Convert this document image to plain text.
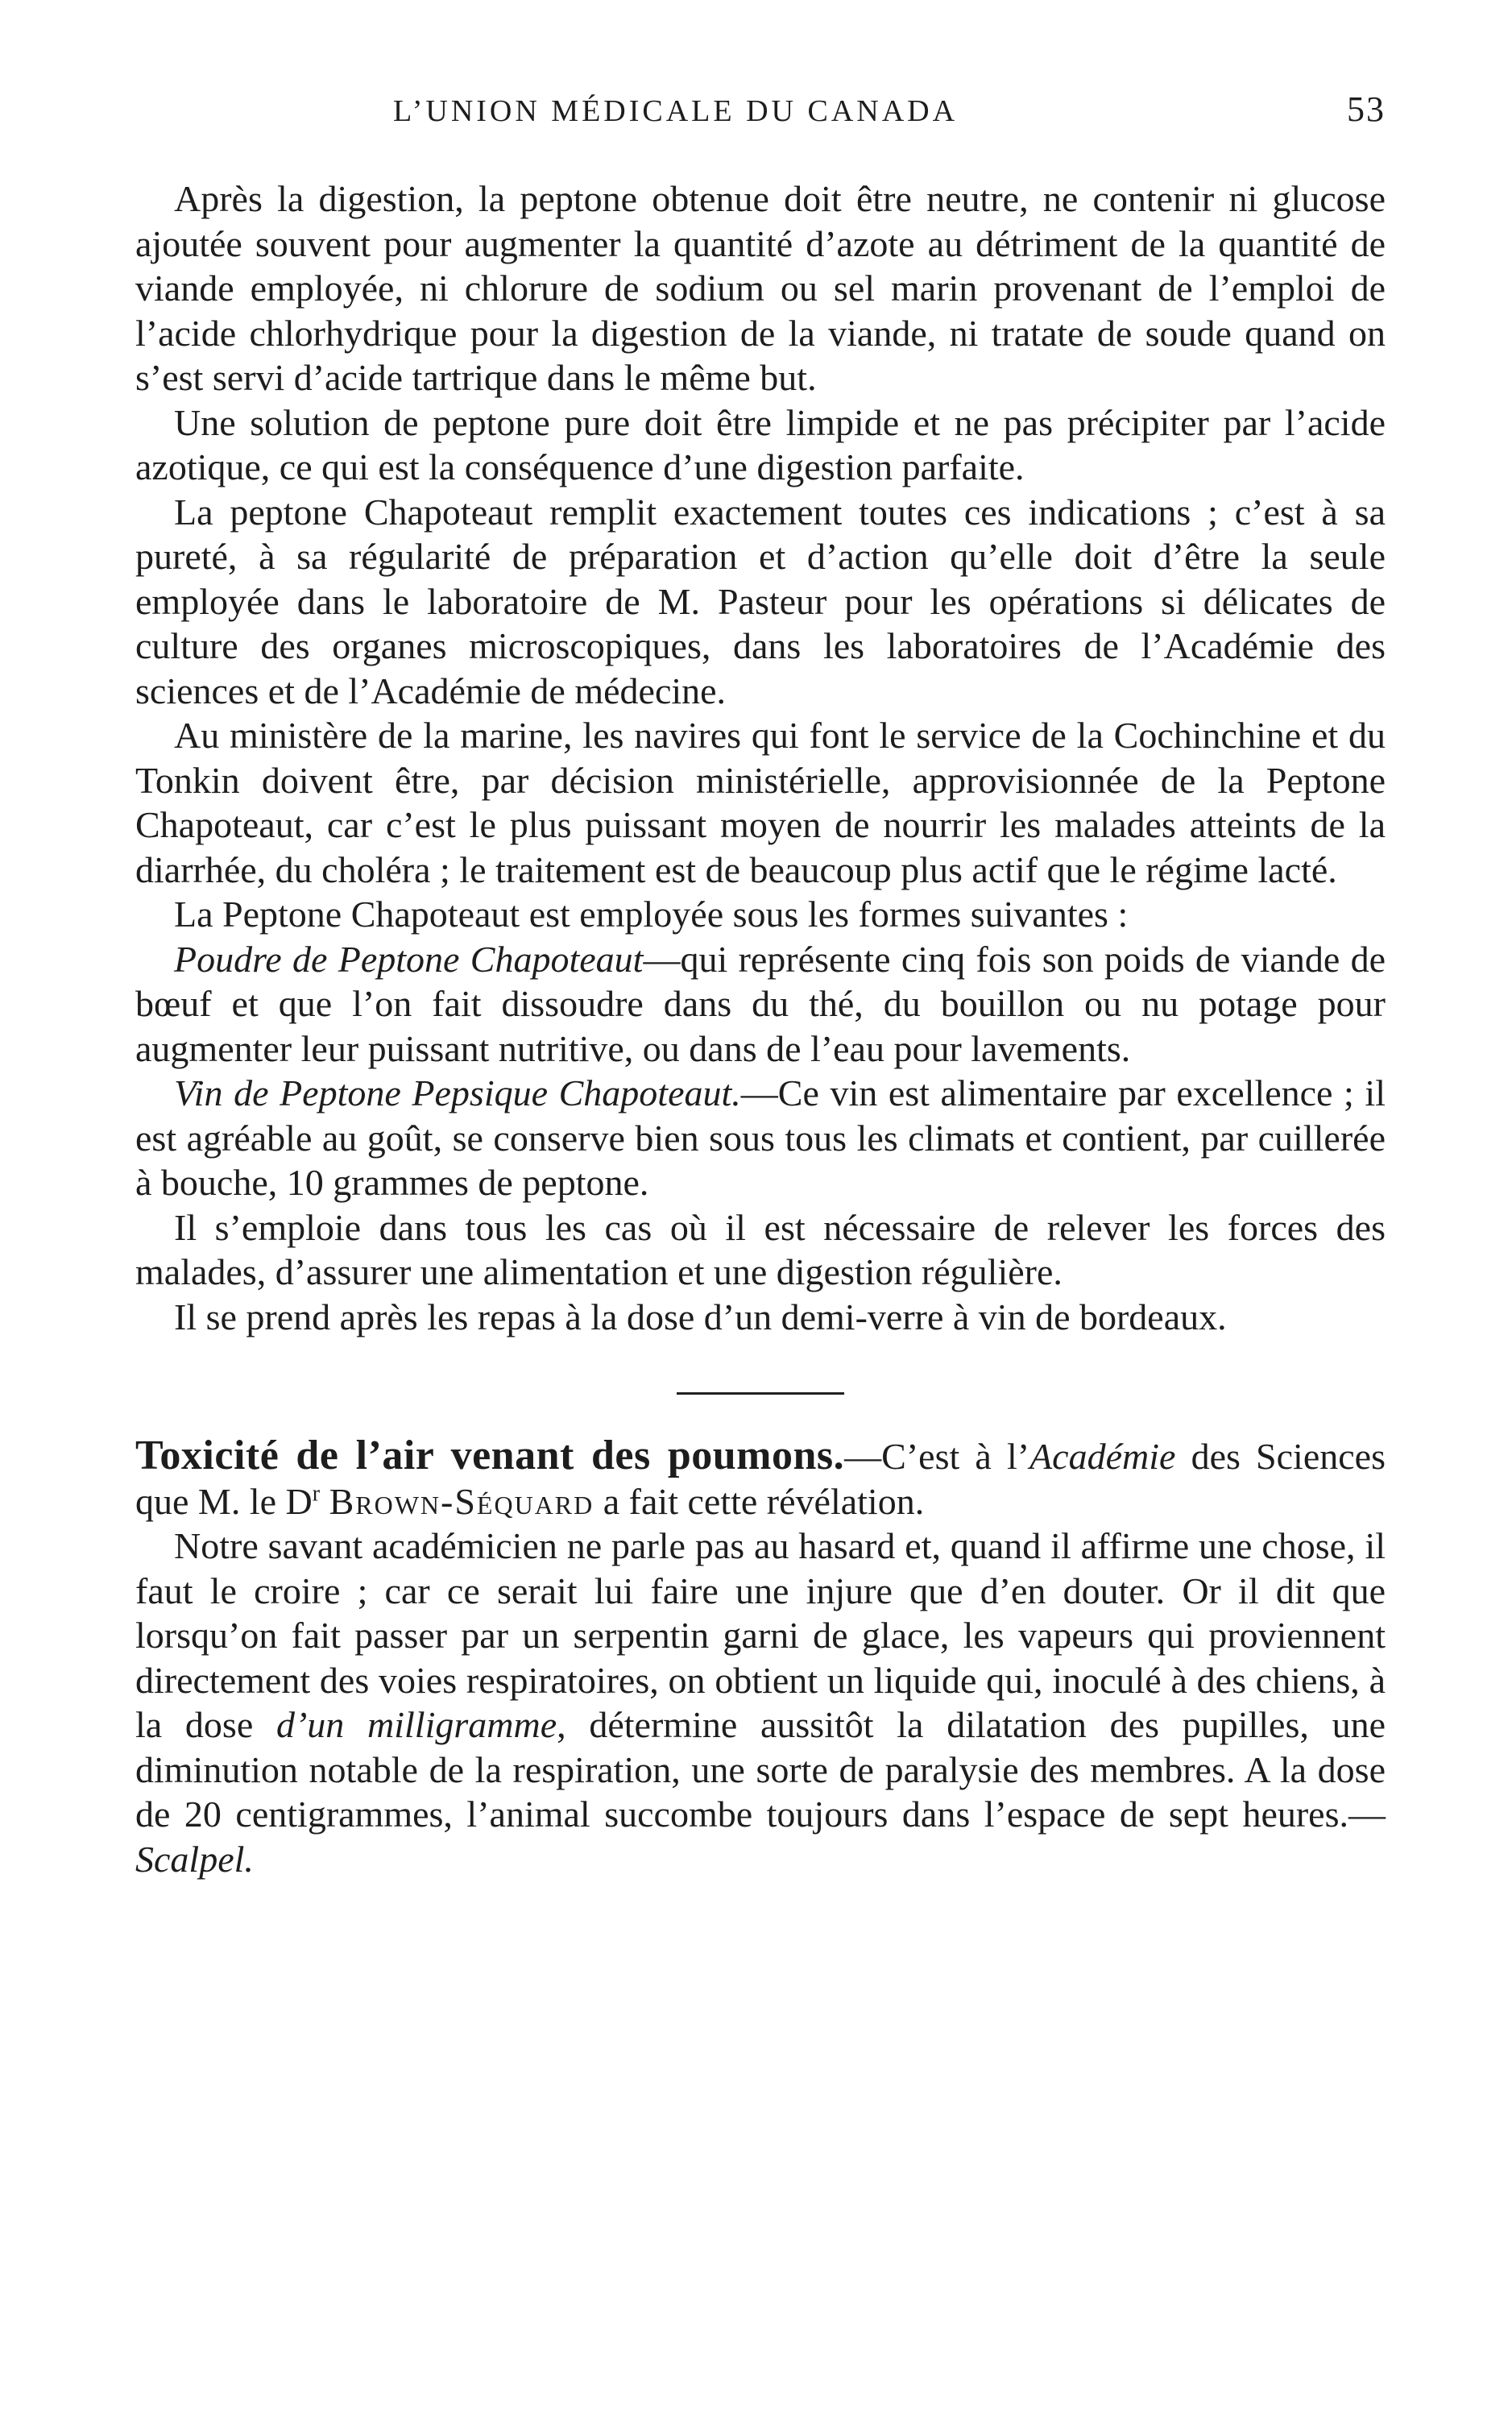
L’UNION MÉDICALE DU CANADA	53

Après la digestion, la peptone obtenue doit être neutre, ne contenir ni glucose ajoutée souvent pour augmenter la quantité d’azote au détriment de la quantité de viande employée, ni chlorure de sodium ou sel marin provenant de l’emploi de l’acide chlorhydrique pour la digestion de la viande, ni tratate de soude quand on s’est servi d’acide tartrique dans le même but.

Une solution de peptone pure doit être limpide et ne pas précipiter par l’acide azotique, ce qui est la conséquence d’une digestion parfaite.

La peptone Chapoteaut remplit exactement toutes ces indications ; c’est à sa pureté, à sa régularité de préparation et d’action qu’elle doit d’être la seule employée dans le laboratoire de M. Pasteur pour les opérations si délicates de culture des organes microscopiques, dans les laboratoires de l’Académie des sciences et de l’Académie de médecine.

Au ministère de la marine, les navires qui font le service de la Cochinchine et du Tonkin doivent être, par décision ministérielle, approvisionnée de la Peptone Chapoteaut, car c’est le plus puissant moyen de nourrir les malades atteints de la diarrhée, du choléra ; le traitement est de beaucoup plus actif que le régime lacté.

La Peptone Chapoteaut est employée sous les formes suivantes :

Poudre de Peptone Chapoteaut—qui représente cinq fois son poids de viande de bœuf et que l’on fait dissoudre dans du thé, du bouillon ou nu potage pour augmenter leur puissant nutritive, ou dans de l’eau pour lavements.

Vin de Peptone Pepsique Chapoteaut.—Ce vin est alimentaire par excellence ; il est agréable au goût, se conserve bien sous tous les climats et contient, par cuillerée à bouche, 10 grammes de peptone.

Il s’emploie dans tous les cas où il est nécessaire de relever les forces des malades, d’assurer une alimentation et une digestion régulière.

Il se prend après les repas à la dose d’un demi-verre à vin de bordeaux.

Toxicité de l’air venant des poumons.—C’est à l’Académie des Sciences que M. le $D^r$ Brown-Séquard a fait cette révélation.

Notre savant académicien ne parle pas au hasard et, quand il affirme une chose, il faut le croire ; car ce serait lui faire une injure que d’en douter. Or il dit que lorsqu’on fait passer par un serpentin garni de glace, les vapeurs qui proviennent directement des voies respiratoires, on obtient un liquide qui, inoculé à des chiens, à la dose d’un milligramme, détermine aussitôt la dilatation des pupilles, une diminution notable de la respiration, une sorte de paralysie des membres. A la dose de 20 centigrammes, l’animal succombe toujours dans l’espace de sept heures.—Scalpel.
